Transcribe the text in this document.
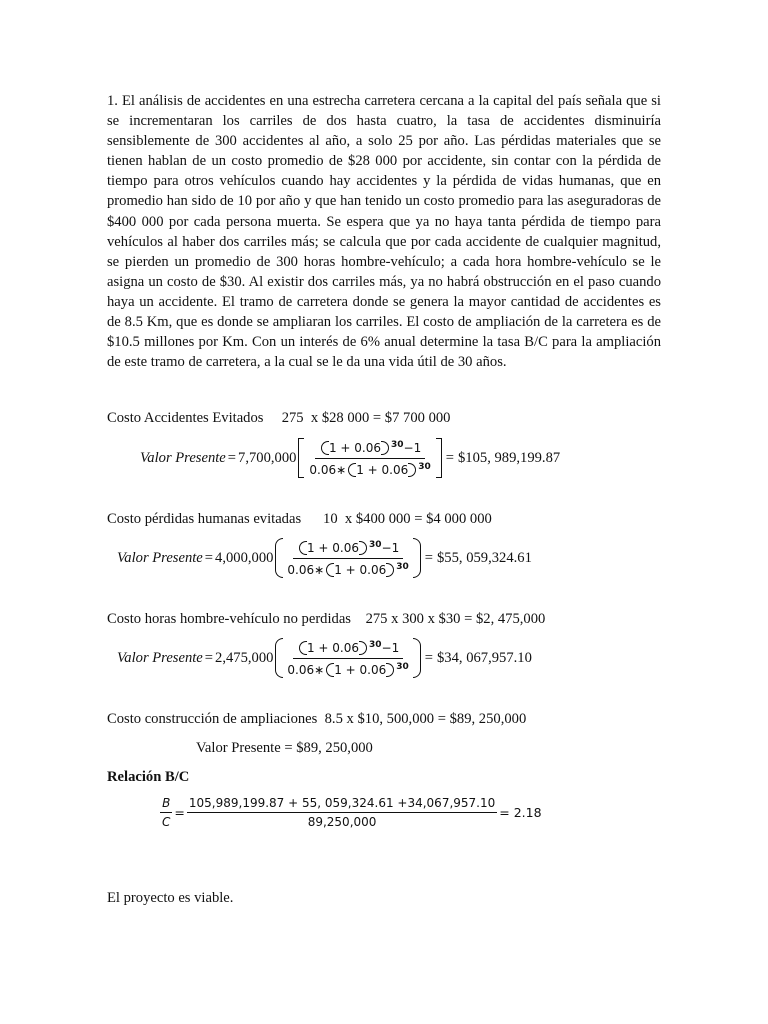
1. El análisis de accidentes en una estrecha carretera cercana a la capital del país señala que si se incrementaran los carriles de dos hasta cuatro, la tasa de accidentes disminuiría sensiblemente de 300 accidentes al año, a solo 25 por año. Las pérdidas materiales que se tienen hablan de un costo promedio de $28 000 por accidente, sin contar con la pérdida de tiempo para otros vehículos cuando hay accidentes y la pérdida de vidas humanas, que en promedio han sido de 10 por año y que han tenido un costo promedio para las aseguradoras de $400 000 por cada persona muerta. Se espera que ya no haya tanta pérdida de tiempo para vehículos al haber dos carriles más; se calcula que por cada accidente de cualquier magnitud, se pierden un promedio de 300 horas hombre-vehículo; a cada hora hombre-vehículo se le asigna un costo de $30. Al existir dos carriles más, ya no habrá obstrucción en el paso cuando haya un accidente. El tramo de carretera donde se genera la mayor cantidad de accidentes es de 8.5 Km, que es donde se ampliaran los carriles. El costo de ampliación de la carretera es de $10.5 millones por Km. Con un interés de 6% anual determine la tasa B/C para la ampliación de este tramo de carretera, a la cual se le da una vida útil de 30 años.

Costo Accidentes Evitados     275  x $28 000 = $7 700 000

Valor Presente = $7,700,000 \frac{1 + 0.06 ^{30}-1}{0.06∗ 1 + 0.06 ^{30}}$ = $105, 989,199.87

Costo pérdidas humanas evitadas      10  x $400 000 = $4 000 000

Valor Presente = $4,000,000 \frac{1 + 0.06 ^{30}-1}{0.06∗ 1 + 0.06 ^{30}}$ = $55, 059,324.61

Costo horas hombre-vehículo no perdidas    275 x 300 x $30 = $2, 475,000

Valor Presente = $2,475,000 \frac{1 + 0.06 ^{30}-1}{0.06∗ 1 + 0.06 ^{30}}$ = $34, 067,957.10

Costo construcción de ampliaciones  8.5 x $10, 500,000 = $89, 250,000

Valor Presente = $89, 250,000

Relación B/C

$\frac{B}{C} = \frac{105,989,199.87 + 55, 059,324.61 +34,067,957.10}{89,250,000} = 2.18$

El proyecto es viable.
